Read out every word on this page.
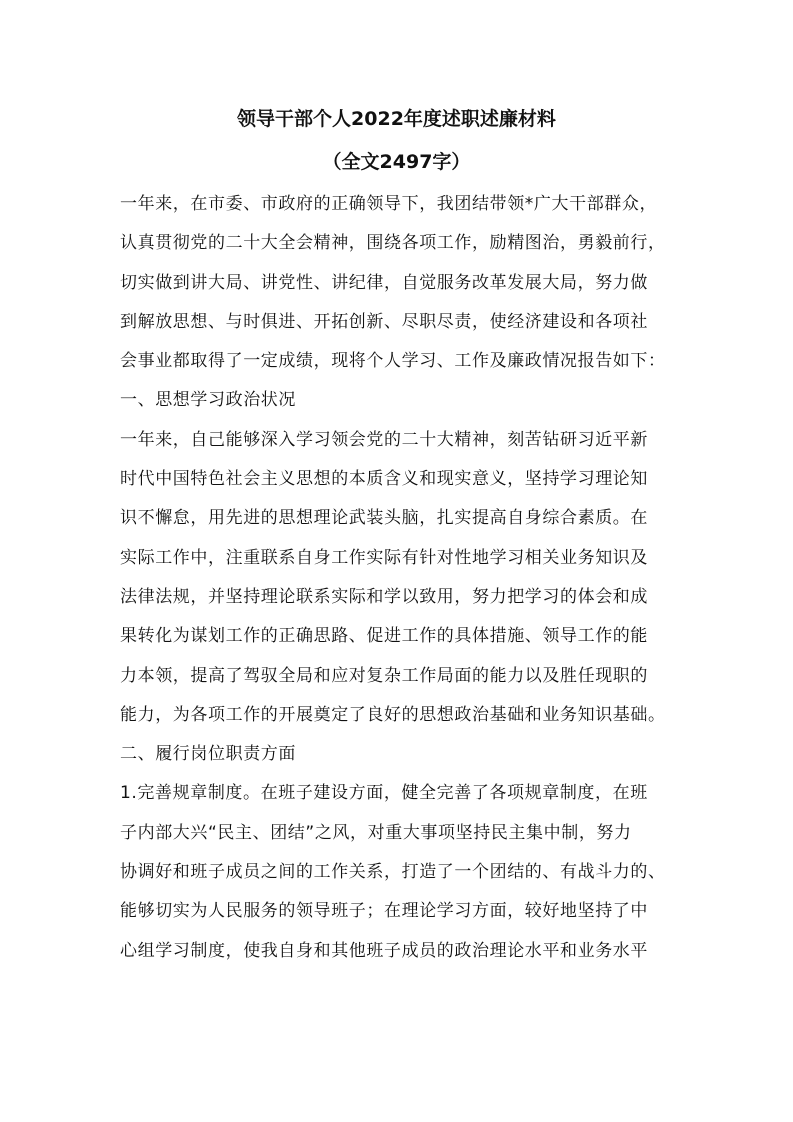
领导干部个人2022年度述职述廉材料
（全文2497字）
一年来，在市委、市政府的正确领导下，我团结带领*广大干部群众，
认真贯彻党的二十大全会精神，围绕各项工作，励精图治，勇毅前行，
切实做到讲大局、讲党性、讲纪律，自觉服务改革发展大局，努力做
到解放思想、与时俱进、开拓创新、尽职尽责，使经济建设和各项社
会事业都取得了一定成绩，现将个人学习、工作及廉政情况报告如下：
一、思想学习政治状况
一年来，自己能够深入学习领会党的二十大精神，刻苦钻研习近平新
时代中国特色社会主义思想的本质含义和现实意义，坚持学习理论知
识不懈怠，用先进的思想理论武装头脑，扎实提高自身综合素质。在
实际工作中，注重联系自身工作实际有针对性地学习相关业务知识及
法律法规，并坚持理论联系实际和学以致用，努力把学习的体会和成
果转化为谋划工作的正确思路、促进工作的具体措施、领导工作的能
力本领，提高了驾驭全局和应对复杂工作局面的能力以及胜任现职的
能力，为各项工作的开展奠定了良好的思想政治基础和业务知识基础。
二、履行岗位职责方面
1.完善规章制度。在班子建设方面，健全完善了各项规章制度，在班
子内部大兴“民主、团结”之风，对重大事项坚持民主集中制，努力
协调好和班子成员之间的工作关系，打造了一个团结的、有战斗力的、
能够切实为人民服务的领导班子；在理论学习方面，较好地坚持了中
心组学习制度，使我自身和其他班子成员的政治理论水平和业务水平
